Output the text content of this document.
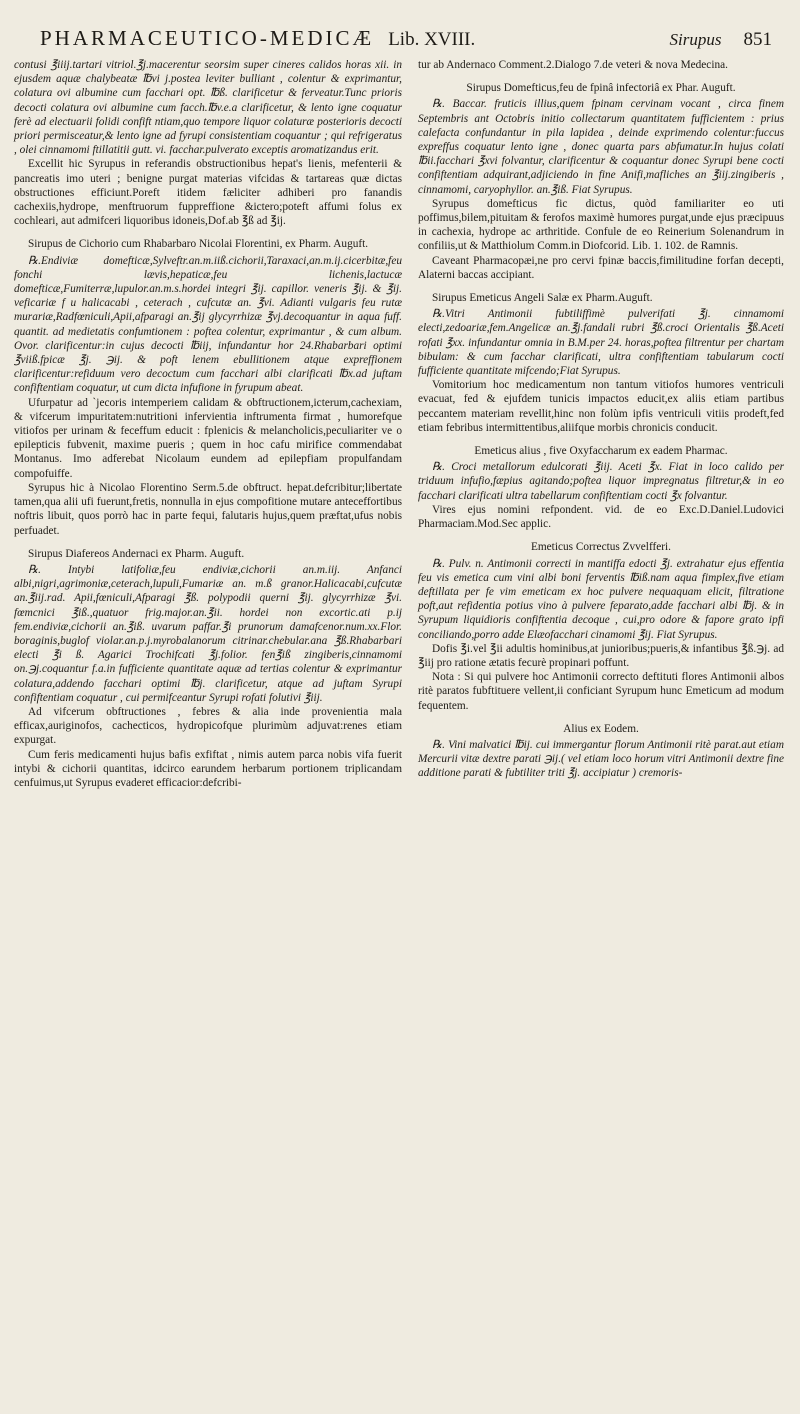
PHARMACEUTICO-MEDICÆ Lib. XVIII.	Sirupus 851

contusi ℥iiij.tartari vitriol.℥j.macerentur seorsim super cineres calidos horas xii. in ejusdem aquæ chalybeatæ ℔vi j.postea leviter bulliant , colentur & exprimantur, colatura ovi albumine cum facchari opt. ℔ß. clarificetur & ferveatur.Tunc prioris decocti colatura ovi albumine cum facch.℔v.e.a clarificetur, & lento igne coquatur ferè ad electuarii folidi confift ntiam,quo tempore liquor colaturæ posterioris decocti priori permisceatur,& lento igne ad fyrupi consistentiam coquantur ; qui refrigeratus , olei cinnamomi ftillatitii gutt. vi. facchar.pulverato exceptis aromatizandus erit.

Excellit hic Syrupus in referandis obstructionibus hepat's lienis, mefenterii & pancreatis imo uteri ; benigne purgat materias vifcidas & tartareas quæ dictas obstructiones efficiunt.Poreft itidem fæliciter adhiberi pro fanandis cachexiis,hydrope, menftruorum fuppreffione &ictero;poteft affumi folus ex cochleari, aut admifceri liquoribus idoneis,Dof.ab ℥ß ad ℥ij.

Sirupus de Cichorio cum Rhabarbaro Nicolai Florentini, ex Pharm. Auguft.

℞.Endiviæ domefticæ,Sylveftr.an.m.iiß.cichorii,Taraxaci,an.m.ij.cicerbitæ,feu fonchi lævis,hepaticæ,feu lichenis,lactucæ domefticæ,Fumiterræ,lupulor.an.m.s.hordei integri ℥ij. capillor. veneris ℥ij. & ℥ij. veficariæ f u halicacabi , ceterach , cufcutæ an. ℥vi. Adianti vulgaris feu rutæ murariæ,Radfœniculi,Apii,afparagi an.℥ij glycyrrhizæ ℥vj.decoquantur in aqua fuff. quantit. ad medietatis confumtionem : poftea colentur, exprimantur , & cum album. Ovor. clarificentur:in cujus decocti ℔iij, infundantur hor 24.Rhabarbari optimi ℥viiß.fpicæ ℥j. ℈ij. & poft lenem ebullitionem atque expreffionem clarificentur:refiduum vero decoctum cum facchari albi clarificati ℔x.ad juftam confiftentiam coquatur, ut cum dicta infufione in fyrupum abeat.

Ufurpatur ad `jecoris intemperiem calidam & obftructionem,icterum,cachexiam, & vifcerum impuritatem:nutritioni infervientia inftrumenta firmat , humorefque vitiofos per urinam & feceffum educit : fplenicis & melancholicis,peculiariter ve o epilepticis fubvenit, maxime pueris ; quem in hoc cafu mirifice commendabat Montanus. Imo adferebat Nicolaum eundem ad epilepfiam propulfandam compofuiffe.

Syrupus hic à Nicolao Florentino Serm.5.de obftruct. hepat.defcribitur;libertate tamen,qua alii ufi fuerunt,fretis, nonnulla in ejus compofitione mutare anteceffortibus noftris libuit, quos porrò hac in parte fequi, falutaris hujus,quem præftat,ufus nobis perfuadet.

Sirupus Diafereos Andernaci ex Pharm. Auguft.

℞. Intybi latifoliæ,feu endiviæ,cichorii an.m.iij. Anfanci albi,nigri,agrimoniæ,ceterach,lupuli,Fumariæ an. m.ß granor.Halicacabi,cufcutæ an.℥iij.rad. Apii,fœniculi,Afparagi ℥ß. polypodii querni ℥ij. glycyrrhizæ ℥vi. fœmcnici ℥iß.,quatuor frig.major.an.℥ii. hordei non excortic.ati p.ij fem.endiviæ,cichorii an.℥iß. uvarum paffar.℥i prunorum damafcenor.num.xx.Flor. boraginis,buglof violar.an.p.j.myrobalanorum citrinar.chebular.ana ℥ß.Rhabarbari electi ℥i ß. Agarici Trochifcati ℥j.folior. fen℥iß zingiberis,cinnamomi on.℈j.coquantur f.a.in fufficiente quantitate aquæ ad tertias colentur & exprimantur colatura,addendo facchari optimi ℔j. clarificetur, atque ad juftam Syrupi confiftentiam coquatur , cui permifceantur Syrupi rofati folutivi ℥iij.

Ad vifcerum obftructiones , febres & alia inde provenientia mala efficax,auriginofos, cachecticos, hydropicofque plurimùm adjuvat:renes etiam expurgat.

Cum feris medicamenti hujus bafis exfiftat , nimis autem parca nobis vifa fuerit intybi & cichorii quantitas, idcirco earundem herbarum portionem triplicandam cenfuimus,ut Syrupus evaderet efficacior:defcribi-

tur ab Andernaco Comment.2.Dialogo 7.de veteri & nova Medecina.

Sirupus Domefticus,feu de fpinâ infectoriâ ex Phar. Auguft.

℞. Baccar. fruticis illius,quem fpinam cervinam vocant , circa finem Septembris ant Octobris initio collectarum quantitatem fufficientem : prius calefacta confundantur in pila lapidea , deinde exprimendo colentur:fuccus expreffus coquatur lento igne , donec quarta pars abfumatur.In hujus colati ℔ii.facchari ℥xvi folvantur, clarificentur & coquantur donec Syrupi bene cocti confiftentiam adquirant,adjiciendo in fine Anifi,mafliches an ℥iij.zingiberis , cinnamomi, caryophyllor. an.℥iß. Fiat Syrupus.

Syrupus domefticus fic dictus, quòd familiariter eo uti poffimus,bilem,pituitam & ferofos maximè humores purgat,unde ejus præcipuus in cachexia, hydrope ac arthritide. Confule de eo Reinerium Solenandrum in confiliis,ut & Matthiolum Comm.in Diofcorid. Lib. 1. 102. de Ramnis.

Caveant Pharmacopæi,ne pro cervi fpinæ baccis,fimilitudine forfan decepti, Alaterni baccas accipiant.

Sirupus Emeticus Angeli Salæ ex Pharm.Auguft.

℞.Vitri Antimonii fubtiliffimè pulverifati ℥j. cinnamomi electi,zedoariæ,fem.Angelicæ an.℥j.fandali rubri ℥ß.croci Orientalis ℥ß.Aceti rofati ℥xx. infundantur omnia in B.M.per 24. horas,poftea filtrentur per chartam bibulam: & cum facchar clarificati, ultra confiftentiam tabularum cocti fufficiente quantitate mifcendo;Fiat Syrupus.

Vomitorium hoc medicamentum non tantum vitiofos humores ventriculi evacuat, fed & ejufdem tunicis impactos educit,ex aliis etiam partibus peccantem materiam revellit,hinc non folùm ipfis ventriculi vitiis prodeft,fed etiam febribus intermittentibus,aliifque morbis chronicis conducit.

Emeticus alius , five Oxyfaccharum ex eadem Pharmac.

℞. Croci metallorum edulcorati ℥iij. Aceti ℥x. Fiat in loco calido per triduum infufio,fæpius agitando;poftea liquor impregnatus filtretur,& in eo facchari clarificati ultra tabellarum confiftentiam cocti ℥x folvantur.

Vires ejus nomini refpondent. vid. de eo Exc.D.Daniel.Ludovici Pharmaciam.Mod.Sec applic.

Emeticus Correctus Zvvelfferi.

℞. Pulv. n. Antimonii correcti in mantiffa edocti ℥j. extrahatur ejus effentia feu vis emetica cum vini albi boni ferventis ℔iß.nam aqua fimplex,five etiam deftillata per fe vim emeticam ex hoc pulvere nequaquam elicit, filtratione poft,aut refidentia potius vino à pulvere feparato,adde facchari albi ℔j. & in Syrupum liquidioris confiftentia decoque , cui,pro odore & fapore grato ipfi conciliando,porro adde Elæofacchari cinamomi ℥ij. Fiat Syrupus.

Dofis ℥i.vel ℥ii adultis hominibus,at junioribus;pueris,& infantibus ℥ß.℈j. ad ℥iij pro ratione ætatis fecurè propinari poffunt.

Nota : Si qui pulvere hoc Antimonii correcto deftituti flores Antimonii albos ritè paratos fubftituere vellent,ii conficiant Syrupum hunc Emeticum ad modum fequentem.

Alius ex Eodem.

℞. Vini malvatici ℔ij. cui immergantur florum Antimonii ritè parat.aut etiam Mercurii vitæ dextre parati ℈ij.( vel etiam loco horum vitri Antimonii dextre fine additione parati & fubtiliter triti ℥j. accipiatur ) cremoris-
